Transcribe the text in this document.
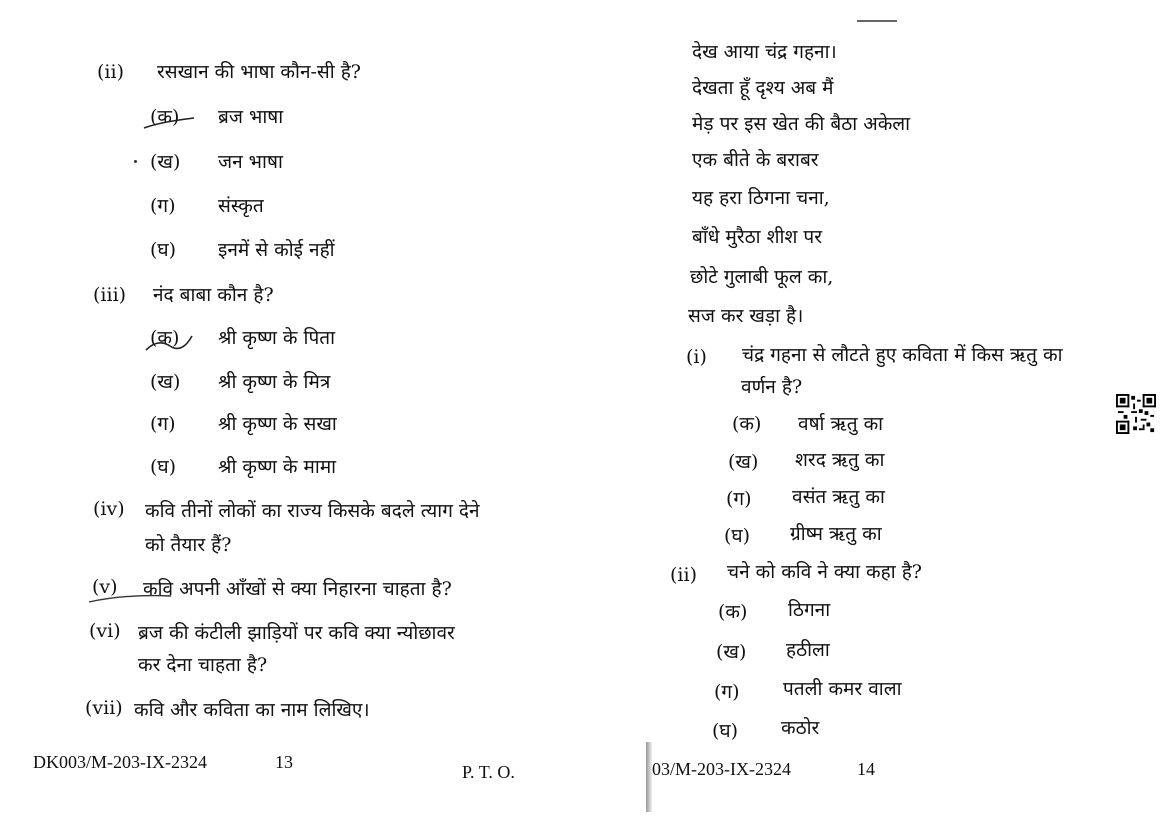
(ii) रसखान की भाषा कौन-सी है?
(क) ब्रज भाषा
(ख) जन भाषा
(ग) संस्कृत
(घ) इनमें से कोई नहीं
(iii) नंद बाबा कौन है?
(क) श्री कृष्ण के पिता
(ख) श्री कृष्ण के मित्र
(ग) श्री कृष्ण के सखा
(घ) श्री कृष्ण के मामा
(iv) कवि तीनों लोकों का राज्य किसके बदले त्याग देने
को तैयार हैं?
(v) कवि अपनी आँखों से क्या निहारना चाहता है?
(vi) ब्रज की कंटीली झाड़ियों पर कवि क्या न्योछावर
कर देना चाहता है?
(vii) कवि और कविता का नाम लिखिए।
DK003/M-203-IX-2324	13	P. T. O.
देख आया चंद्र गहना।
देखता हूँ दृश्य अब मैं
मेड़ पर इस खेत की बैठा अकेला
एक बीते के बराबर
यह हरा ठिगना चना,
बाँधे मुरैठा शीश पर
छोटे गुलाबी फूल का,
सज कर खड़ा है।
(i) चंद्र गहना से लौटते हुए कविता में किस ऋतु का
वर्णन है?
(क) वर्षा ऋतु का
(ख) शरद ऋतु का
(ग) वसंत ऋतु का
(घ) ग्रीष्म ऋतु का
(ii) चने को कवि ने क्या कहा है?
(क) ठिगना
(ख) हठीला
(ग) पतली कमर वाला
(घ) कठोर
03/M-203-IX-2324	14
